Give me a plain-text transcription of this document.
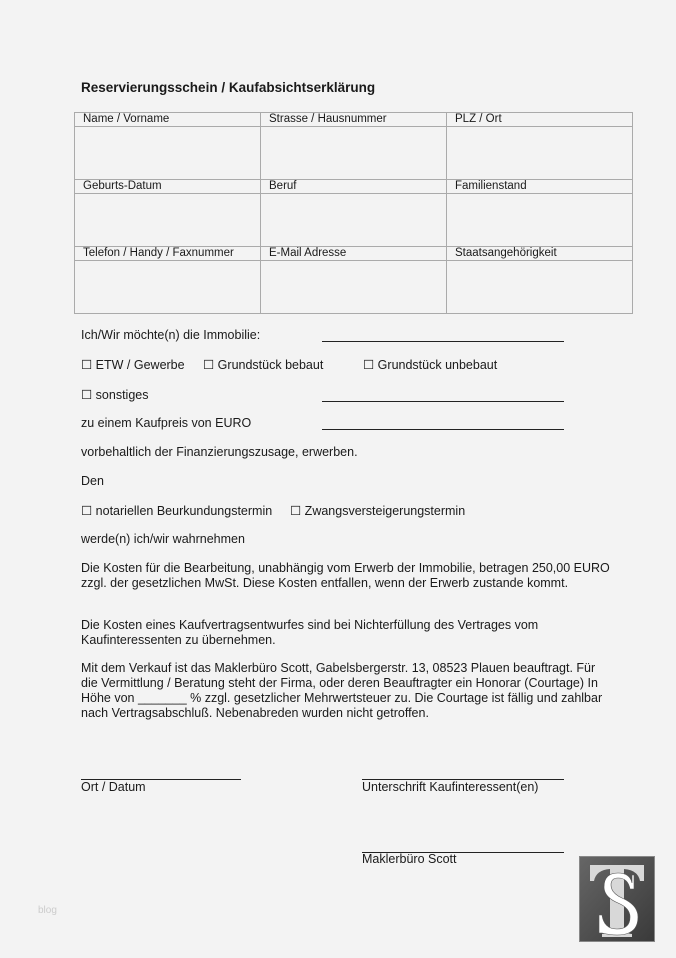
Reservierungsschein / Kaufabsichtserklärung
Name / Vorname	Strasse / Hausnummer	PLZ / Ort

Geburts-Datum	Beruf	Familienstand

Telefon / Handy / Faxnummer	E-Mail Adresse	Staatsangehörigkeit

Ich/Wir möchte(n) die Immobilie:
☐ ETW / Gewerbe ☐ Grundstück bebaut	☐ Grundstück unbebaut
☐ sonstiges
zu einem Kaufpreis von EURO
vorbehaltlich der Finanzierungszusage, erwerben.
Den
☐ notariellen Beurkundungstermin ☐ Zwangsversteigerungstermin
werde(n) ich/wir wahrnehmen
Die Kosten für die Bearbeitung, unabhängig vom Erwerb der Immobilie, betragen 250,00 EURO zzgl. der gesetzlichen MwSt. Diese Kosten entfallen, wenn der Erwerb zustande kommt.
Die Kosten eines Kaufvertragsentwurfes sind bei Nichterfüllung des Vertrages vom Kaufinteressenten zu übernehmen.
Mit dem Verkauf ist das Maklerbüro Scott, Gabelsbergerstr. 13, 08523 Plauen beauftragt. Für die Vermittlung / Beratung steht der Firma, oder deren Beauftragter ein Honorar (Courtage) In Höhe von _______ % zzgl. gesetzlicher Mehrwertsteuer zu. Die Courtage ist fällig und zahlbar nach Vertragsabschluß. Nebenabreden wurden nicht getroffen.
Ort / Datum	Unterschrift Kaufinteressent(en)
Maklerbüro Scott
blog
